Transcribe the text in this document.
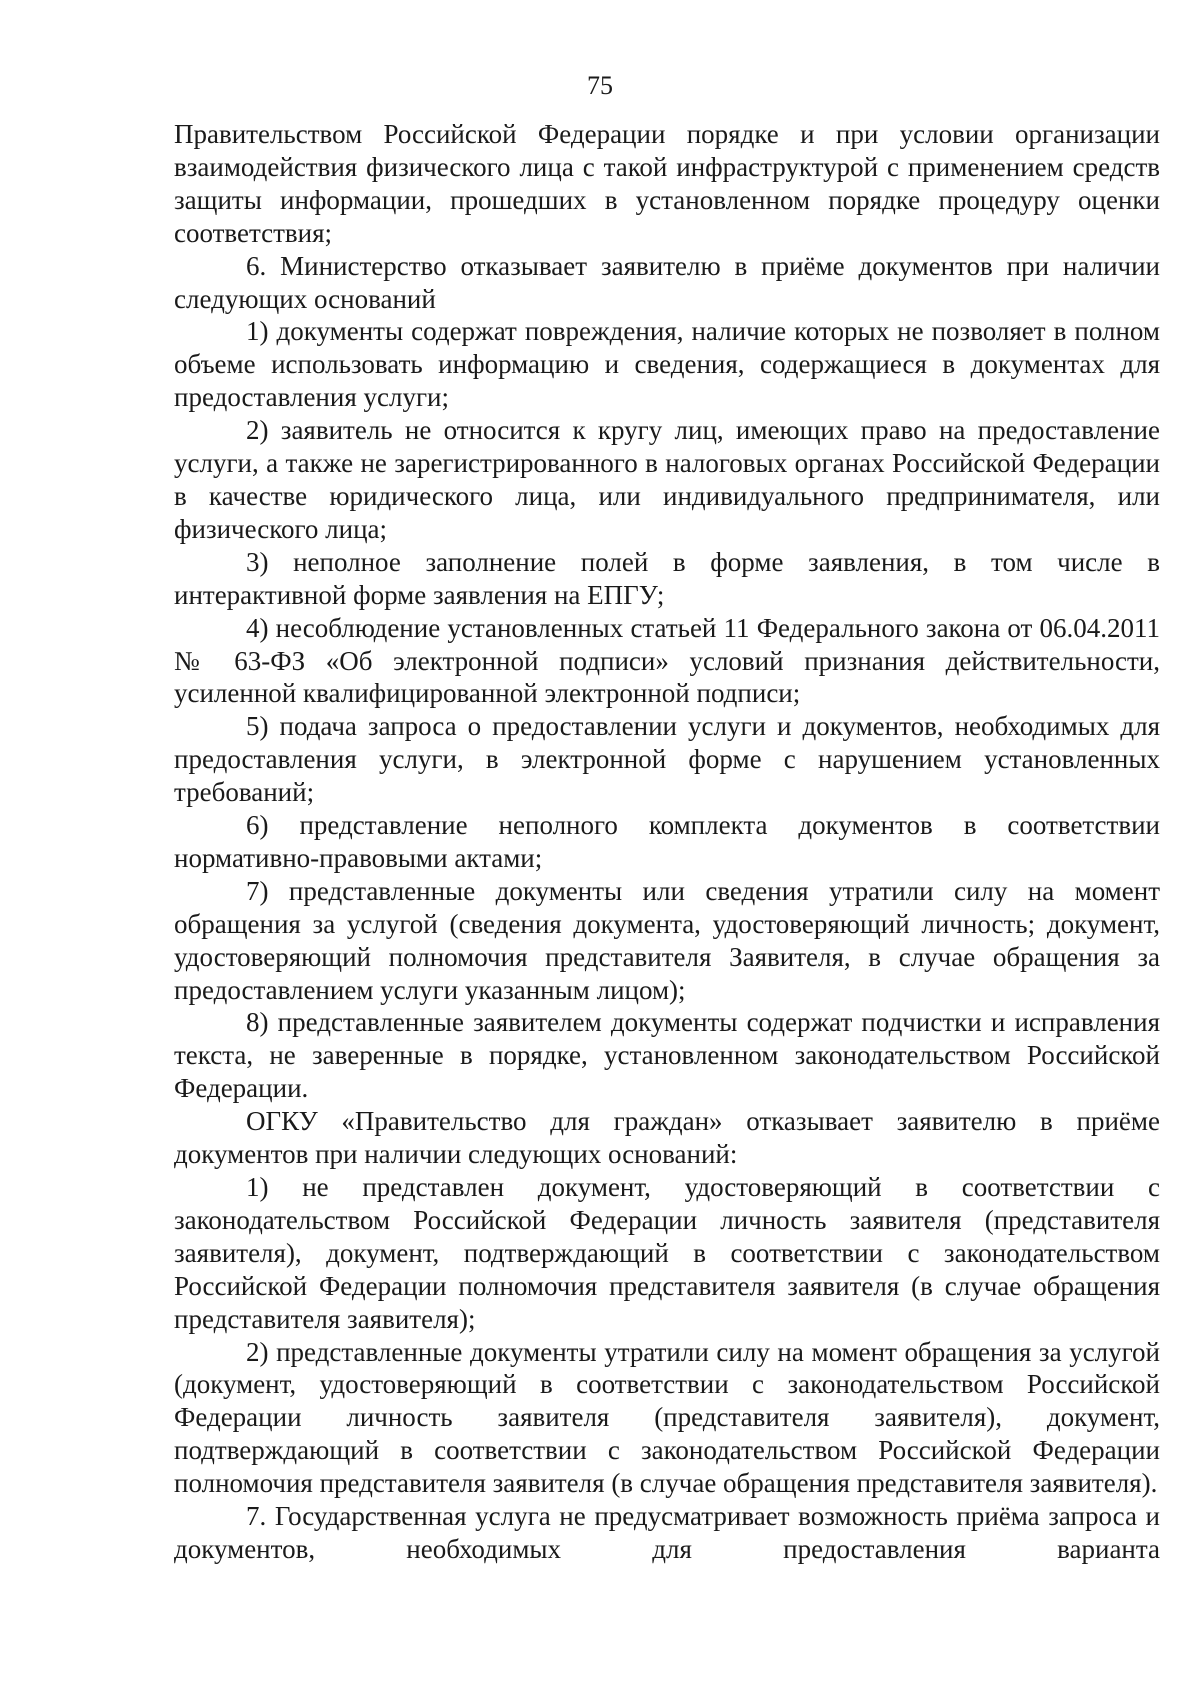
75

Правительством Российской Федерации порядке и при условии организации взаимодействия физического лица с такой инфраструктурой с применением средств защиты информации, прошедших в установленном порядке процедуру оценки соответствия;

6. Министерство отказывает заявителю в приёме документов при наличии следующих оснований

1) документы содержат повреждения, наличие которых не позволяет в полном объеме использовать информацию и сведения, содержащиеся в документах для предоставления услуги;

2) заявитель не относится к кругу лиц, имеющих право на предоставление услуги, а также не зарегистрированного в налоговых органах Российской Федерации в качестве юридического лица, или индивидуального предпринимателя, или физического лица;

3) неполное заполнение полей в форме заявления, в том числе в интерактивной форме заявления на ЕПГУ;

4) несоблюдение установленных статьей 11 Федерального закона от 06.04.2011 № 63-ФЗ «Об электронной подписи» условий признания действительности, усиленной квалифицированной электронной подписи;

5) подача запроса о предоставлении услуги и документов, необходимых для предоставления услуги, в электронной форме с нарушением установленных требований;

6) представление неполного комплекта документов в соответствии нормативно-правовыми актами;

7) представленные документы или сведения утратили силу на момент обращения за услугой (сведения документа, удостоверяющий личность; документ, удостоверяющий полномочия представителя Заявителя, в случае обращения за предоставлением услуги указанным лицом);

8) представленные заявителем документы содержат подчистки и исправления текста, не заверенные в порядке, установленном законодательством Российской Федерации.

ОГКУ «Правительство для граждан» отказывает заявителю в приёме документов при наличии следующих оснований:

1) не представлен документ, удостоверяющий в соответствии с законодательством Российской Федерации личность заявителя (представителя заявителя), документ, подтверждающий в соответствии с законодательством Российской Федерации полномочия представителя заявителя (в случае обращения представителя заявителя);

2) представленные документы утратили силу на момент обращения за услугой (документ, удостоверяющий в соответствии с законодательством Российской Федерации личность заявителя (представителя заявителя), документ, подтверждающий в соответствии с законодательством Российской Федерации полномочия представителя заявителя (в случае обращения представителя заявителя).

7. Государственная услуга не предусматривает возможность приёма запроса и документов, необходимых для предоставления варианта
